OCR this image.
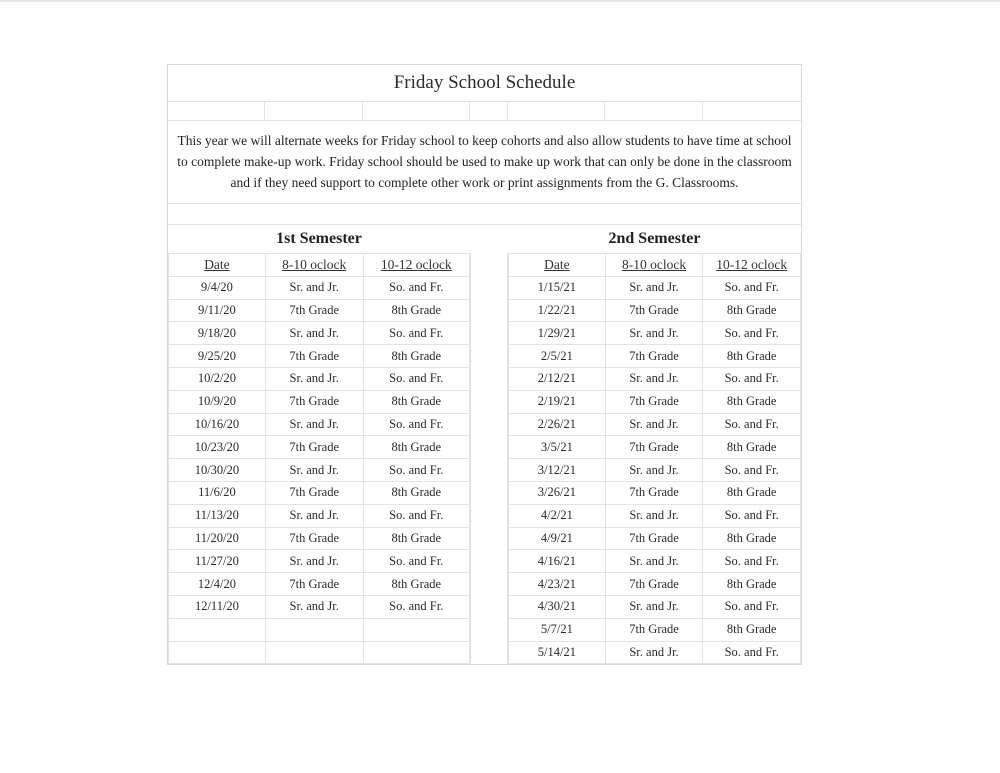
Friday School Schedule
This year we will alternate weeks for Friday school to keep cohorts and also allow students to have time at school to complete make-up work. Friday school should be used to make up work that can only be done in the classroom and if they need support to complete other work or print assignments from the G. Classrooms.
1st Semester	2nd Semester
Date	8-10 oclock	10-12 oclock
9/4/20	Sr. and Jr.	So. and Fr.
9/11/20	7th Grade	8th Grade
9/18/20	Sr. and Jr.	So. and Fr.
9/25/20	7th Grade	8th Grade
10/2/20	Sr. and Jr.	So. and Fr.
10/9/20	7th Grade	8th Grade
10/16/20	Sr. and Jr.	So. and Fr.
10/23/20	7th Grade	8th Grade
10/30/20	Sr. and Jr.	So. and Fr.
11/6/20	7th Grade	8th Grade
11/13/20	Sr. and Jr.	So. and Fr.
11/20/20	7th Grade	8th Grade
11/27/20	Sr. and Jr.	So. and Fr.
12/4/20	7th Grade	8th Grade
12/11/20	Sr. and Jr.	So. and Fr.

Date	8-10 oclock	10-12 oclock
1/15/21	Sr. and Jr.	So. and Fr.
1/22/21	7th Grade	8th Grade
1/29/21	Sr. and Jr.	So. and Fr.
2/5/21	7th Grade	8th Grade
2/12/21	Sr. and Jr.	So. and Fr.
2/19/21	7th Grade	8th Grade
2/26/21	Sr. and Jr.	So. and Fr.
3/5/21	7th Grade	8th Grade
3/12/21	Sr. and Jr.	So. and Fr.
3/26/21	7th Grade	8th Grade
4/2/21	Sr. and Jr.	So. and Fr.
4/9/21	7th Grade	8th Grade
4/16/21	Sr. and Jr.	So. and Fr.
4/23/21	7th Grade	8th Grade
4/30/21	Sr. and Jr.	So. and Fr.
5/7/21	7th Grade	8th Grade
5/14/21	Sr. and Jr.	So. and Fr.
